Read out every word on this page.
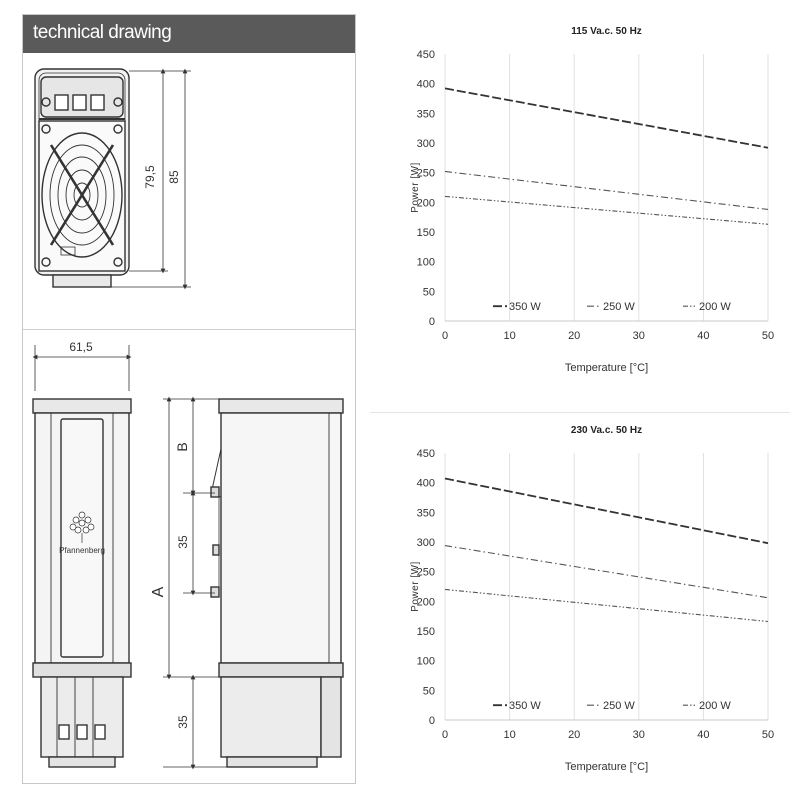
technical drawing
79,5 85
61,5
Pfannenberg
B
35
A
35
115 Va.c. 50 Hz
0	10	20	30	40	50
0
50
100
150
200
250
300
350
400
450
Temperature [°C]
Power [W]
350 W	250 W	200 W
230 Va.c. 50 Hz
0	10	20	30	40	50
0
50
100
150
200
250
300
350
400
450
Temperature [°C]
Power [W]
350 W	250 W	200 W
